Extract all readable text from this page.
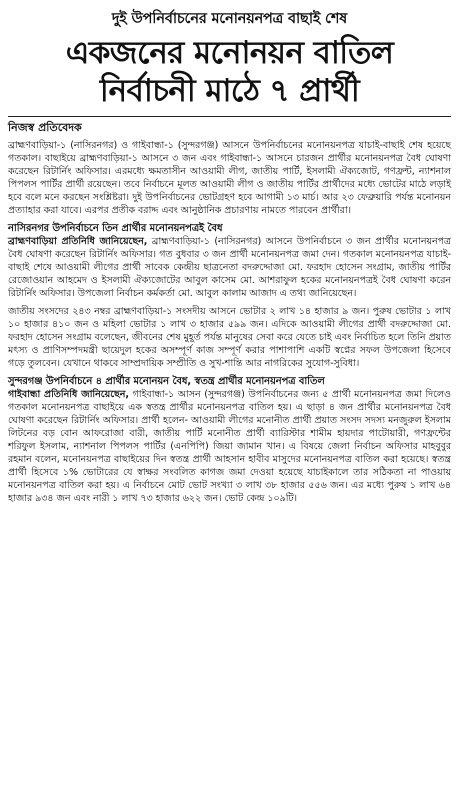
দুই উপনির্বাচনের মনোনয়নপত্র বাছাই শেষ
একজনের মনোনয়ন বাতিল
নির্বাচনী মাঠে ৭ প্রার্থী
নিজস্ব প্রতিবেদক

ব্রাহ্মণবাড়িয়া-১ (নাসিরনগর) ও গাইবান্ধা-১ (সুন্দরগঞ্জ) আসনে উপনির্বাচনের মনোনয়নপত্র যাচাই-বাছাই শেষ হয়েছে গতকাল। বাছাইয়ে ব্রাহ্মণবাড়িয়া-১ আসনে ৩ জন এবং গাইবান্ধা-১ আসনে চারজন প্রার্থীর মনোনয়নপত্র বৈধ ঘোষণা করেছেন রিটার্নিং অফিসার। এরমধ্যে ক্ষমতাসীন আওয়ামী লীগ, জাতীয় পার্টি, ইসলামী ঐক্যজোট, গণফ্রন্ট, ন্যাশনাল পিপলস পার্টির প্রার্থী রয়েছেন। তবে নির্বাচনে মূলত আওয়ামী লীগ ও জাতীয় পার্টির প্রার্থীদের মধ্যে ভোটের মাঠে লড়াই হবে বলে মনে করছেন সংশ্লিষ্টরা। দুই উপনির্বাচনের ভোটগ্রহণ হবে আগামী ১৩ মার্চ। আর ২৩ ফেব্রুয়ারি পর্যন্ত মনোনয়ন প্রত্যাহার করা যাবে। এরপর প্রতীক বরাদ্দ এবং আনুষ্ঠানিক প্রচারণায় নামতে পারবেন প্রার্থীরা।

নাসিরনগর উপনির্বাচনে তিন প্রার্থীর মনোনয়নপত্রই বৈধ

ব্রাহ্মণবাড়িয়া প্রতিনিধি জানিয়েছেন, ব্রাহ্মণবাড়িয়া-১ (নাসিরনগর) আসনে উপনির্বাচনে ৩ জন প্রার্থীর মনোনয়নপত্র বৈধ ঘোষণা করেছেন রিটার্নিং অফিসার। গত বুধবার ৩ জন প্রার্থী মনোনয়নপত্র জমা দেন। গতকাল মনোনয়নপত্র যাচাই-বাছাই শেষে আওয়ামী লীগের প্রার্থী সাবেক কেন্দ্রীয় ছাত্রনেতা বদরুদ্দোজা মো. ফরহাদ হোসেন সংগ্রাম, জাতীয় পার্টির রেজোওয়ান আহমেদ ও ইসলামী ঐক্যজোটের আবুল কাসেম মো. আশরাফুল হকের মনোনয়নপত্রই বৈধ ঘোষণা করেন রিটার্নিং অফিসার। উপজেলা নির্বাচন কর্মকর্তা মো. আবুল কালাম আজাদ এ তথ্য জানিয়েছেন।

জাতীয় সংসদের ২৪৩ নম্বর ব্রাহ্মণবাড়িয়া-১ সংসদীয় আসনে ভোটার ২ লাখ ১৪ হাজার ৯ জন। পুরুষ ভোটার ১ লাখ ১০ হাজার ৪১০ জন ও মহিলা ভোটার ১ লাখ ৩ হাজার ৫৯৯ জন। এদিকে আওয়ামী লীগের প্রার্থী বদরুদ্দোজা মো. ফরহাদ হোসেন সংগ্রাম বলেছেন, জীবনের শেষ মুহূর্ত পর্যন্ত মানুষের সেবা করে যেতে চাই এবং নির্বাচিত হলে তিনি প্রয়াত মৎস্য ও প্রাণিসম্পদমন্ত্রী ছায়েদুল হকের অসম্পূর্ণ কাজ সম্পূর্ণ করার পাশাপাশি একটি স্বপ্নের সফল উপজেলা হিসেবে গড়ে তুলবেন। যেখানে থাকবে সাম্প্রদায়িক সম্প্রীতি ও সুখ-শান্তি আর নাগরিকের সুযোগ-সুবিধা।

সুন্দরগঞ্জ উপনির্বাচনে ৪ প্রার্থীর মনোনয়ন বৈধ, স্বতন্ত্র প্রার্থীর মনোনয়নপত্র বাতিল

গাইবান্ধা প্রতিনিধি জানিয়েছেন, গাইবান্ধা-১ আসন (সুন্দরগঞ্জ) উপনির্বাচনের জন্য ৫ প্রার্থী মনোনয়নপত্র জমা দিলেও গতকাল মনোনয়নপত্র বাছাইয়ে এক স্বতন্ত্র প্রার্থীর মনোনয়নপত্র বাতিল হয়। এ ছাড়া ৪ জন প্রার্থীর মনোনয়নপত্র বৈধ ঘোষণা করেছেন রিটার্নিং অফিসার। প্রার্থী হলেন- আওয়ামী লীগের মনোনীত প্রার্থী প্রয়াত সংসদ সদস্য মনজুরুল ইসলাম লিটনের বড় বোন আফরোজা বারী, জাতীয় পার্টি মনোনীত প্রার্থী ব্যারিস্টার শামীম হায়দার পাটোয়ারী, গণফ্রন্টের শরিফুল ইসলাম, ন্যাশনাল পিপলস পার্টির (এনপিপি) জিয়া জামান খান। এ বিষয়ে জেলা নির্বাচন অফিসার মাহবুবুর রহমান বলেন, মনোনয়নপত্র বাছাইয়ের দিন স্বতন্ত্র প্রার্থী আহসান হাবীব মাসুদের মনোনয়নপত্র বাতিল করা হয়েছে। স্বতন্ত্র প্রার্থী হিসেবে ১% ভোটারের যে স্বাক্ষর সংবলিত কাগজ জমা দেওয়া হয়েছে যাচাইকালে তার সঠিকতা না পাওয়ায় মনোনয়নপত্র বাতিল করা হয়। এ নির্বাচনে মোট ভোট সংখ্যা ৩ লাখ ৩৮ হাজার ৫৫৬ জন। এর মধ্যে পুরুষ ১ লাখ ৬৪ হাজার ৯৩৪ জন এবং নারী ১ লাখ ৭৩ হাজার ৬২২ জন। ভোট কেন্দ্র ১০৯টি।
